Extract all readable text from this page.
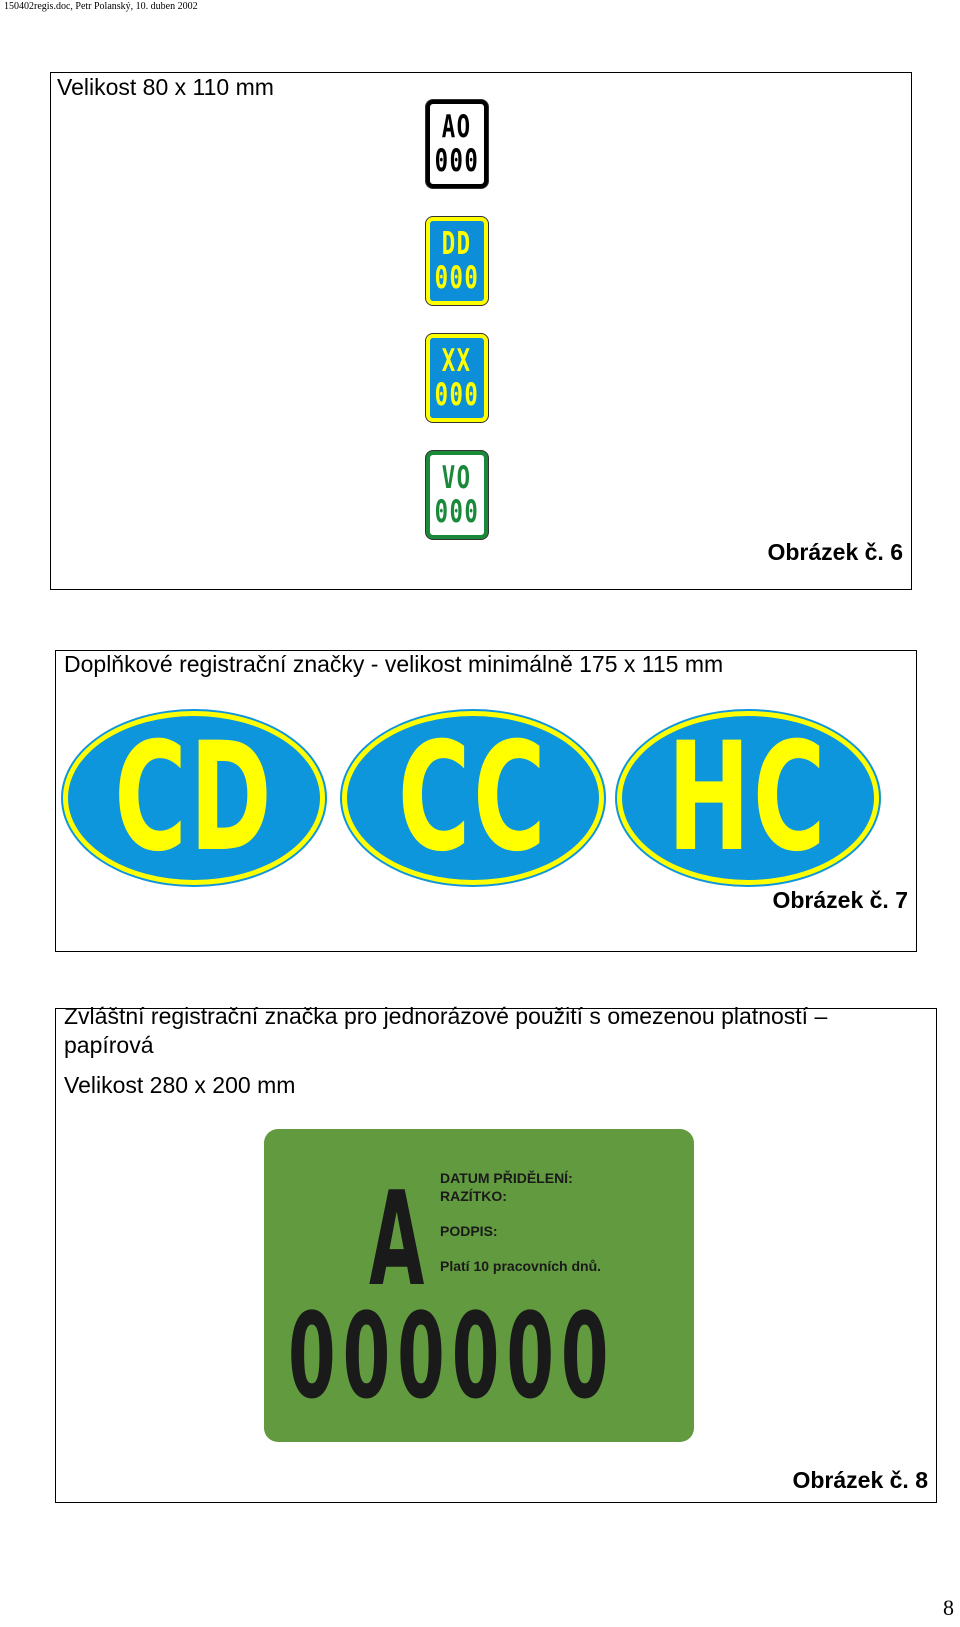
150402regis.doc, Petr Polanský, 10. duben 2002
Velikost 80 x 110 mm
AO
000
DD
000
XX
000
VO
000
Obrázek č. 6
Doplňkové registrační značky - velikost minimálně 175 x 115 mm
CD CC HC
Obrázek č. 7
Zvláštní registrační značka pro jednorázové použití s omezenou platností –
papírová
Velikost 280 x 200 mm
A DATUM PŘIDĚLENÍ:
RAZÍTKO:
PODPIS:
Platí 10 pracovních dnů.
000000
Obrázek č. 8
8
